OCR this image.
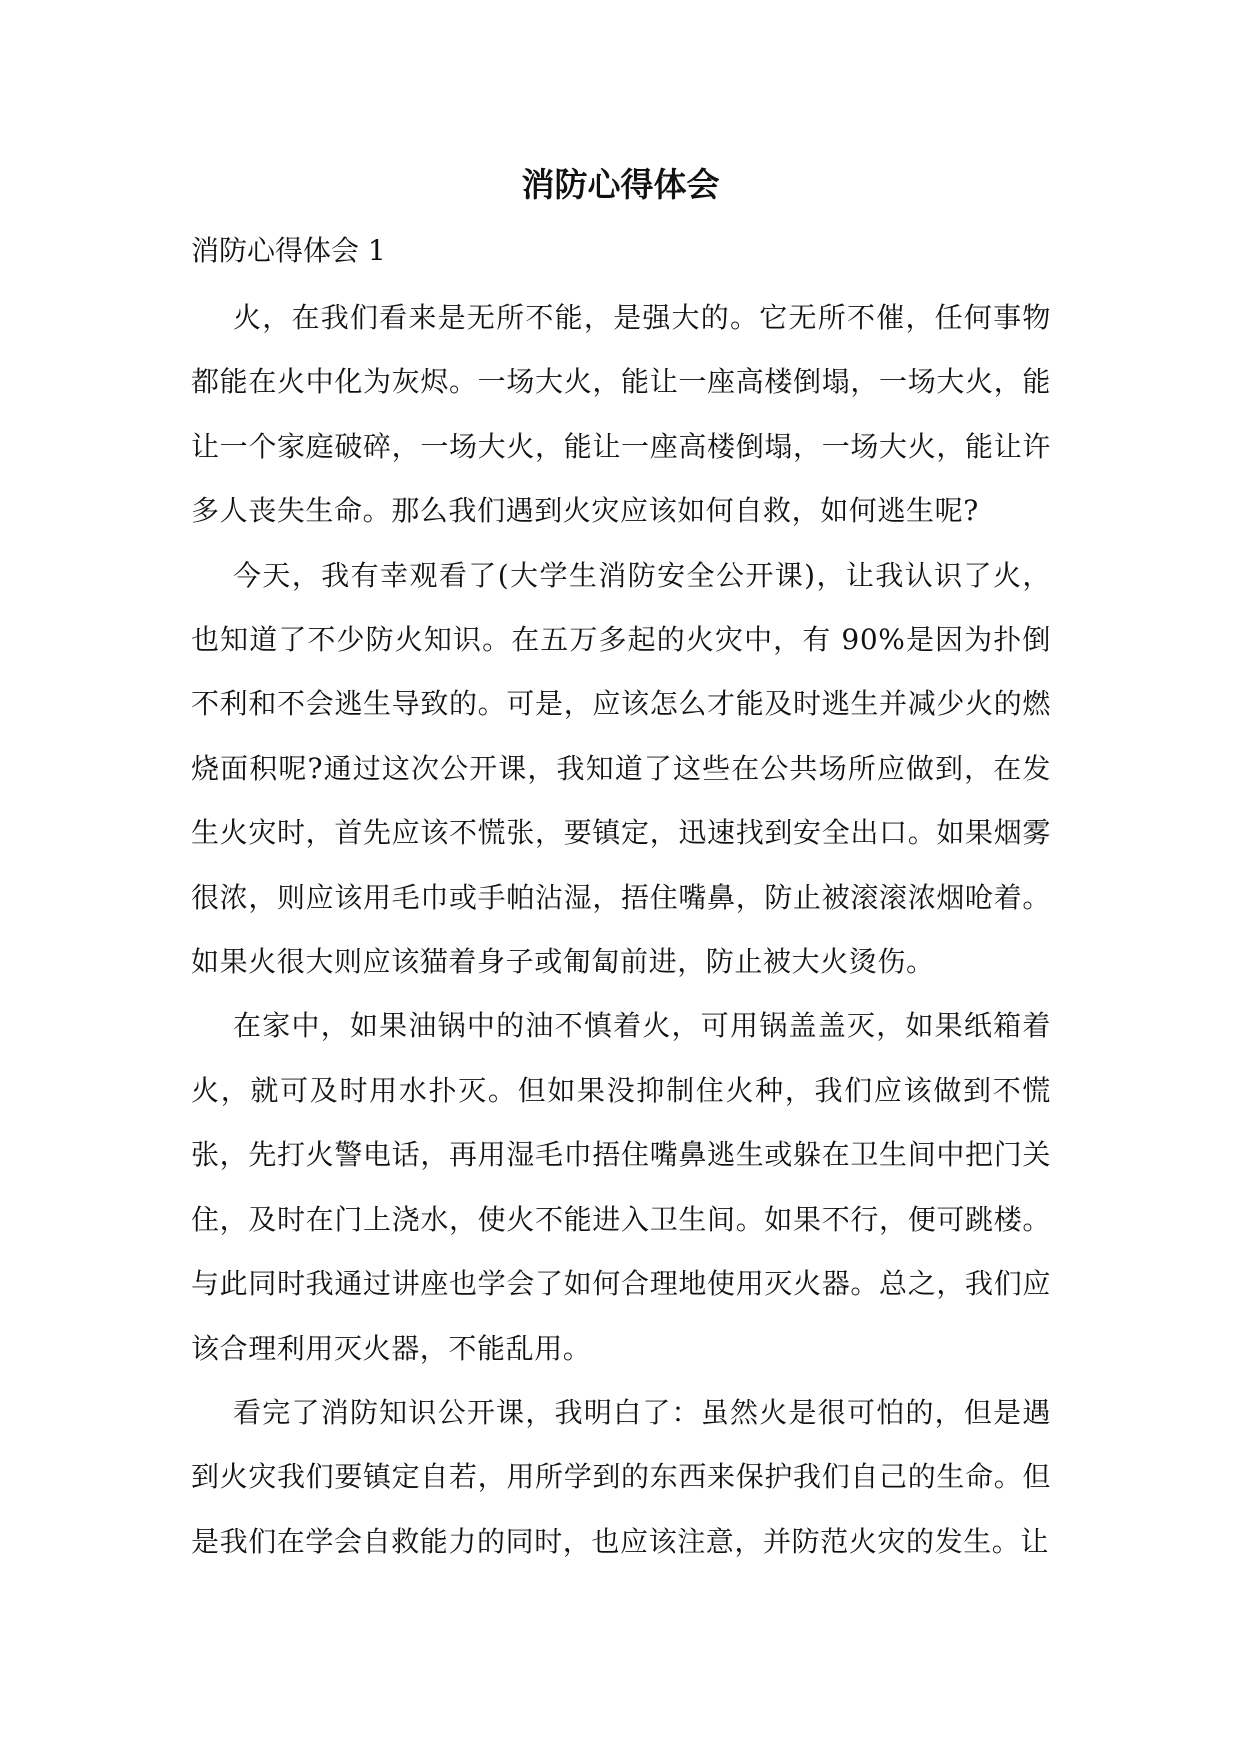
消防心得体会
消防心得体会 1

火，在我们看来是无所不能，是强大的。它无所不催，任何事物都能在火中化为灰烬。一场大火，能让一座高楼倒塌，一场大火，能让一个家庭破碎，一场大火，能让一座高楼倒塌，一场大火，能让许多人丧失生命。那么我们遇到火灾应该如何自救，如何逃生呢?

今天，我有幸观看了(大学生消防安全公开课)，让我认识了火，也知道了不少防火知识。在五万多起的火灾中，有 90%是因为扑倒不利和不会逃生导致的。可是，应该怎么才能及时逃生并减少火的燃烧面积呢?通过这次公开课，我知道了这些在公共场所应做到，在发生火灾时，首先应该不慌张，要镇定，迅速找到安全出口。如果烟雾很浓，则应该用毛巾或手帕沾湿，捂住嘴鼻，防止被滚滚浓烟呛着。如果火很大则应该猫着身子或匍匐前进，防止被大火烫伤。

在家中，如果油锅中的油不慎着火，可用锅盖盖灭，如果纸箱着火，就可及时用水扑灭。但如果没抑制住火种，我们应该做到不慌张，先打火警电话，再用湿毛巾捂住嘴鼻逃生或躲在卫生间中把门关住，及时在门上浇水，使火不能进入卫生间。如果不行，便可跳楼。与此同时我通过讲座也学会了如何合理地使用灭火器。总之，我们应该合理利用灭火器，不能乱用。

看完了消防知识公开课，我明白了：虽然火是很可怕的，但是遇到火灾我们要镇定自若，用所学到的东西来保护我们自己的生命。但是我们在学会自救能力的同时，也应该注意，并防范火灾的发生。让
